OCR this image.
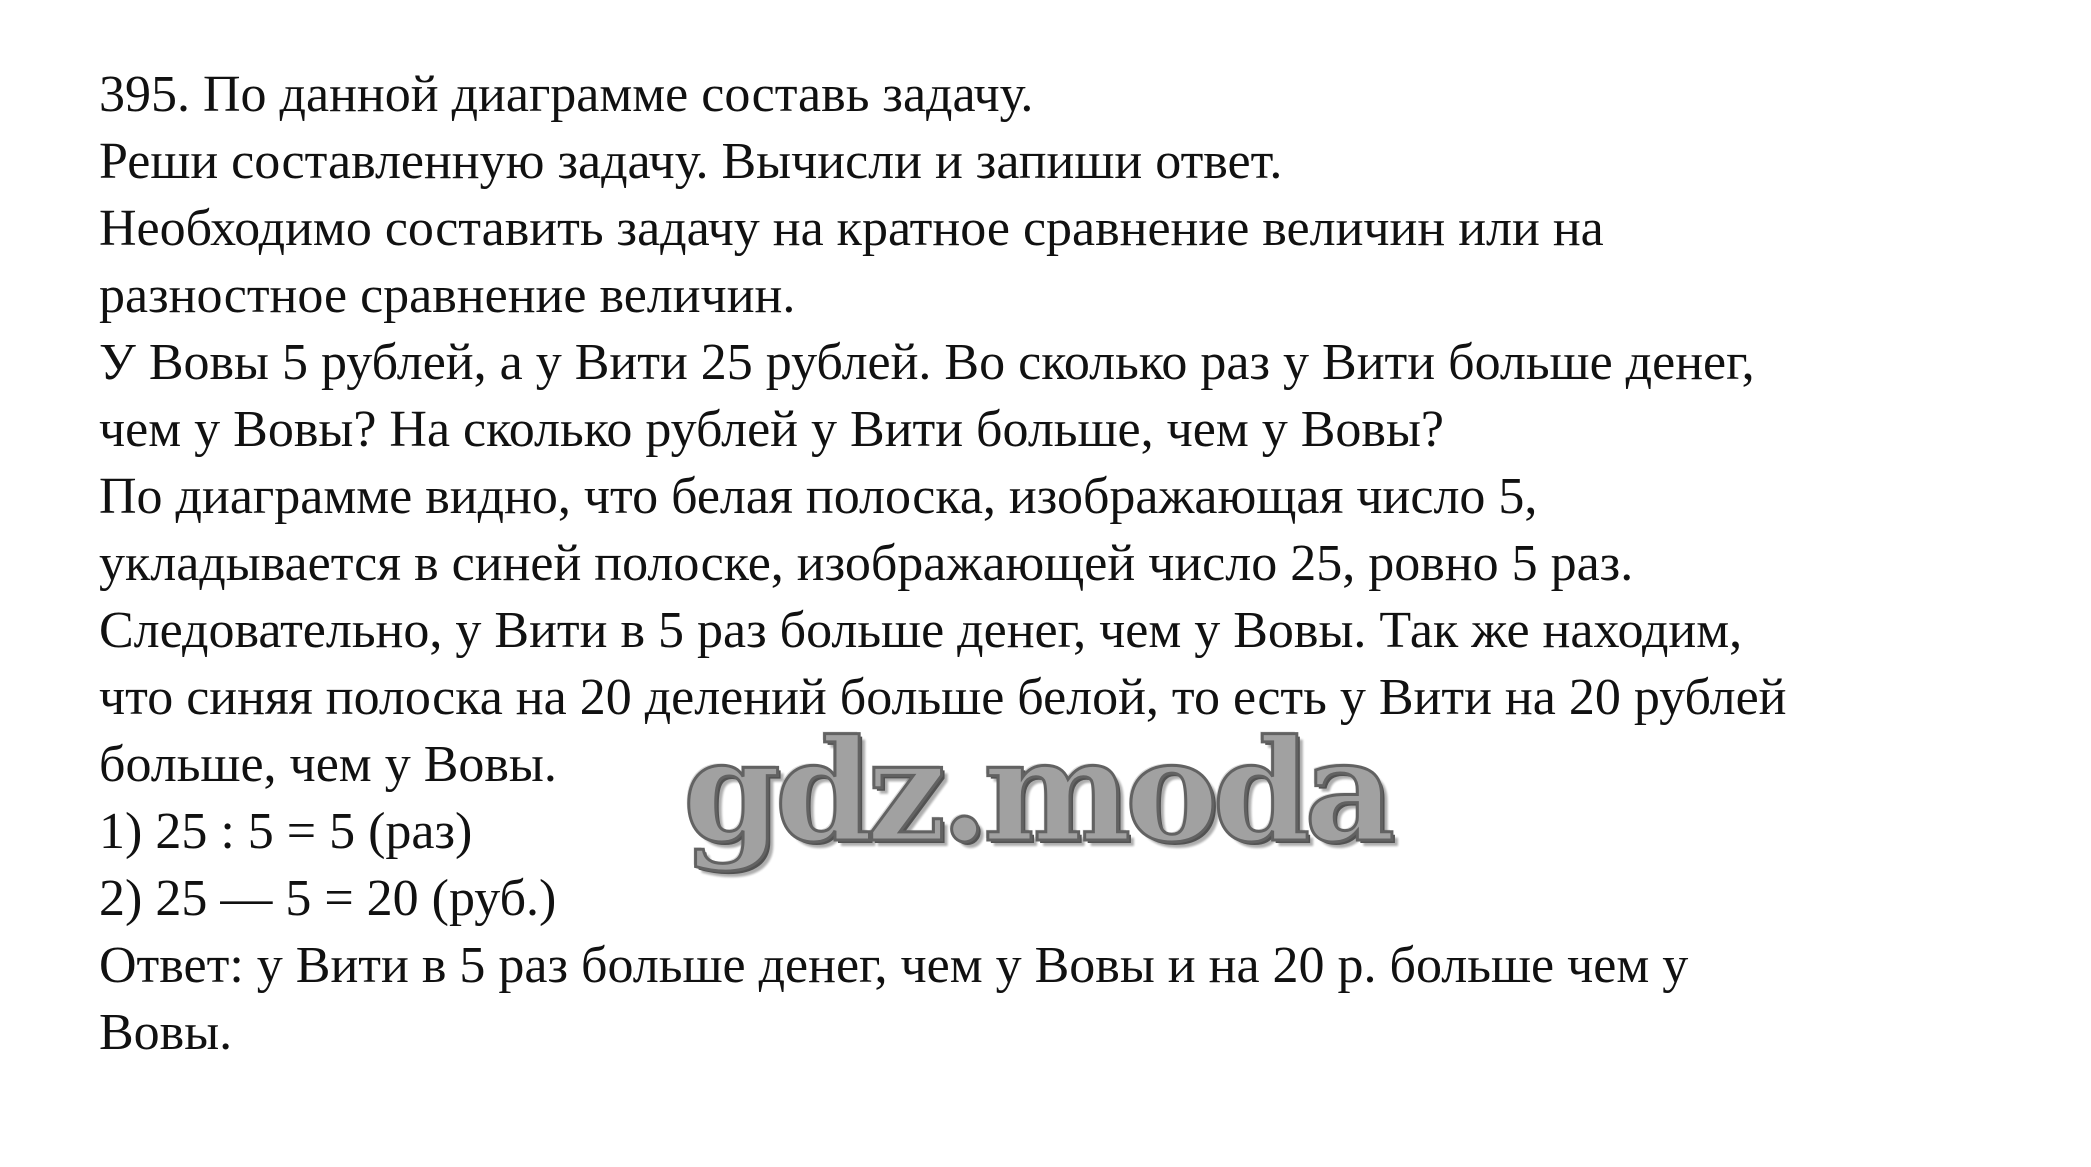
395. По данной диаграмме составь задачу.
Реши составленную задачу. Вычисли и запиши ответ.
Необходимо составить задачу на кратное сравнение величин или на
разностное сравнение величин.
У Вовы 5 рублей, а у Вити 25 рублей. Во сколько раз у Вити больше денег,
чем у Вовы? На сколько рублей у Вити больше, чем у Вовы?
По диаграмме видно, что белая полоска, изображающая число 5,
укладывается в синей полоске, изображающей число 25, ровно 5 раз.
Следовательно, у Вити в 5 раз больше денег, чем у Вовы. Так же находим,
что синяя полоска на 20 делений больше белой, то есть у Вити на 20 рублей
больше, чем у Вовы.
1) 25 : 5 = 5 (раз)
2) 25 — 5 = 20 (руб.)
Ответ: у Вити в 5 раз больше денег, чем у Вовы и на 20 р. больше чем у
Вовы.
gdz.moda
